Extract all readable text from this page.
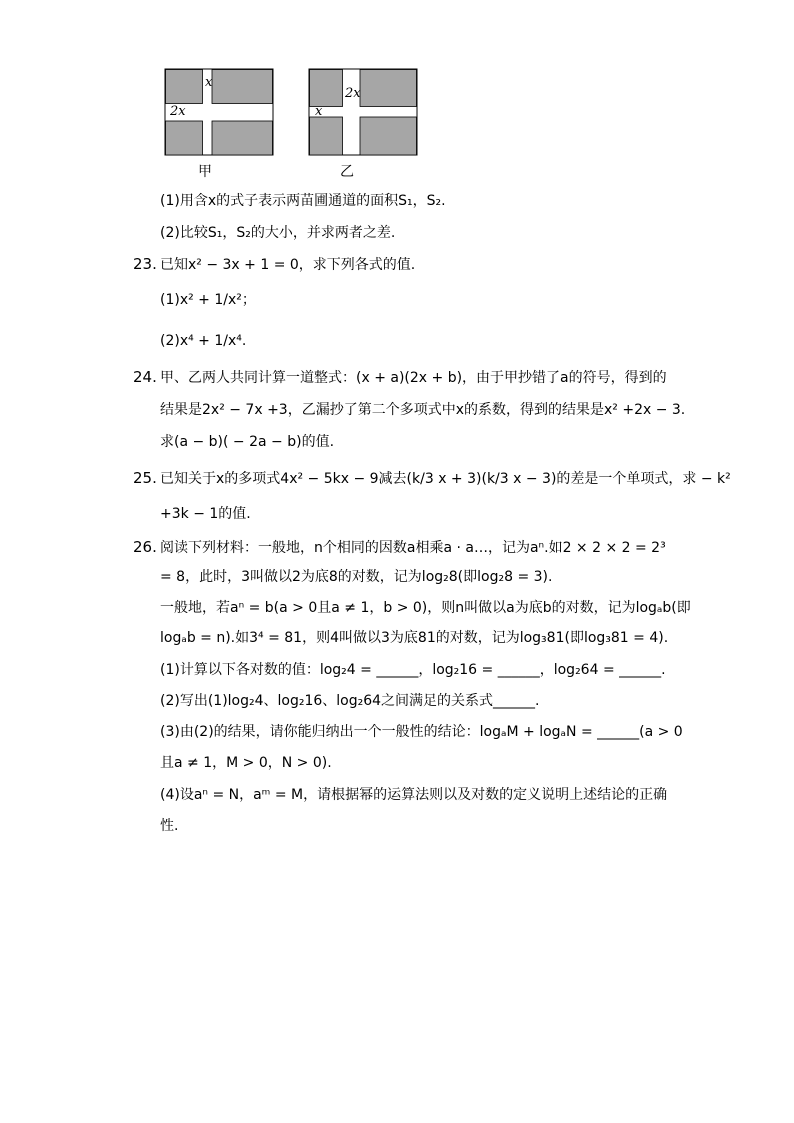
x
2x
甲
2x
x
乙
(1)用含x的式子表示两苗圃通道的面积S₁，S₂.
(2)比较S₁，S₂的大小，并求两者之差.
23. 已知x² − 3x + 1 = 0，求下列各式的值.
(1)x² + 1/x²；
(2)x⁴ + 1/x⁴.
24. 甲、乙两人共同计算一道整式：(x + a)(2x + b)，由于甲抄错了a的符号，得到的
结果是2x² − 7x +3，乙漏抄了第二个多项式中x的系数，得到的结果是x² +2x − 3.
求(a − b)( − 2a − b)的值.
25. 已知关于x的多项式4x² − 5kx − 9减去(k/3 x + 3)(k/3 x − 3)的差是一个单项式，求 − k²
+3k − 1的值.
26. 阅读下列材料：一般地，n个相同的因数a相乘a · a…，记为aⁿ.如2 × 2 × 2 = 2³
= 8，此时，3叫做以2为底8的对数，记为log₂8(即log₂8 = 3).
一般地，若aⁿ = b(a > 0且a ≠ 1，b > 0)，则n叫做以a为底b的对数，记为logₐb(即
logₐb = n).如3⁴ = 81，则4叫做以3为底81的对数，记为log₃81(即log₃81 = 4).
(1)计算以下各对数的值：log₂4 = ______，log₂16 = ______，log₂64 = ______.
(2)写出(1)log₂4、log₂16、log₂64之间满足的关系式______.
(3)由(2)的结果，请你能归纳出一个一般性的结论：logₐM + logₐN = ______(a > 0
且a ≠ 1，M > 0，N > 0).
(4)设aⁿ = N，aᵐ = M，请根据幂的运算法则以及对数的定义说明上述结论的正确
性.
